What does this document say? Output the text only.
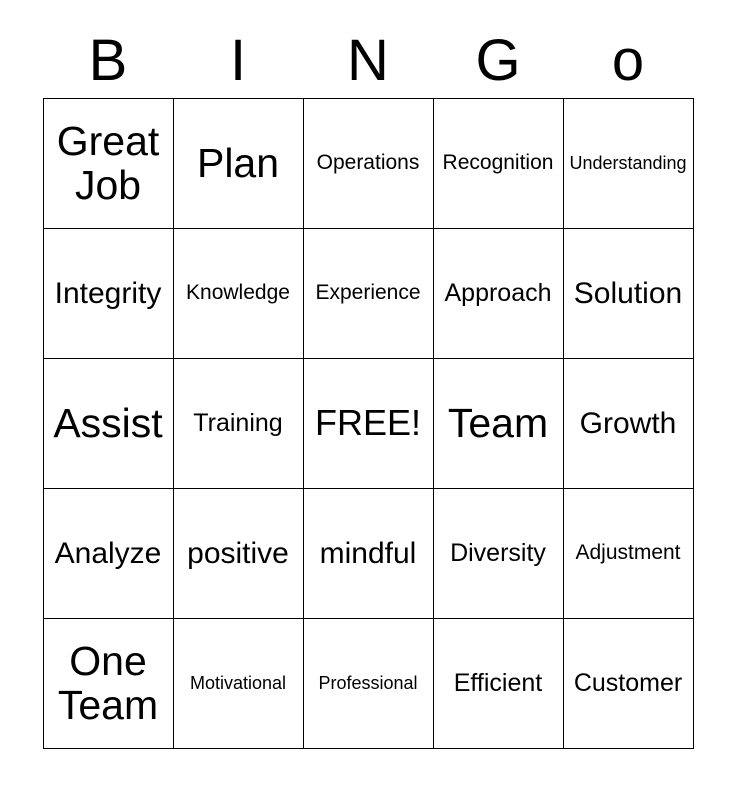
B	I	N	G	o
Great Job	Plan	Operations	Recognition	Understanding
Integrity	Knowledge	Experience	Approach	Solution
Assist	Training	FREE!	Team	Growth
Analyze	positive	mindful	Diversity	Adjustment
One Team	Motivational	Professional	Efficient	Customer
